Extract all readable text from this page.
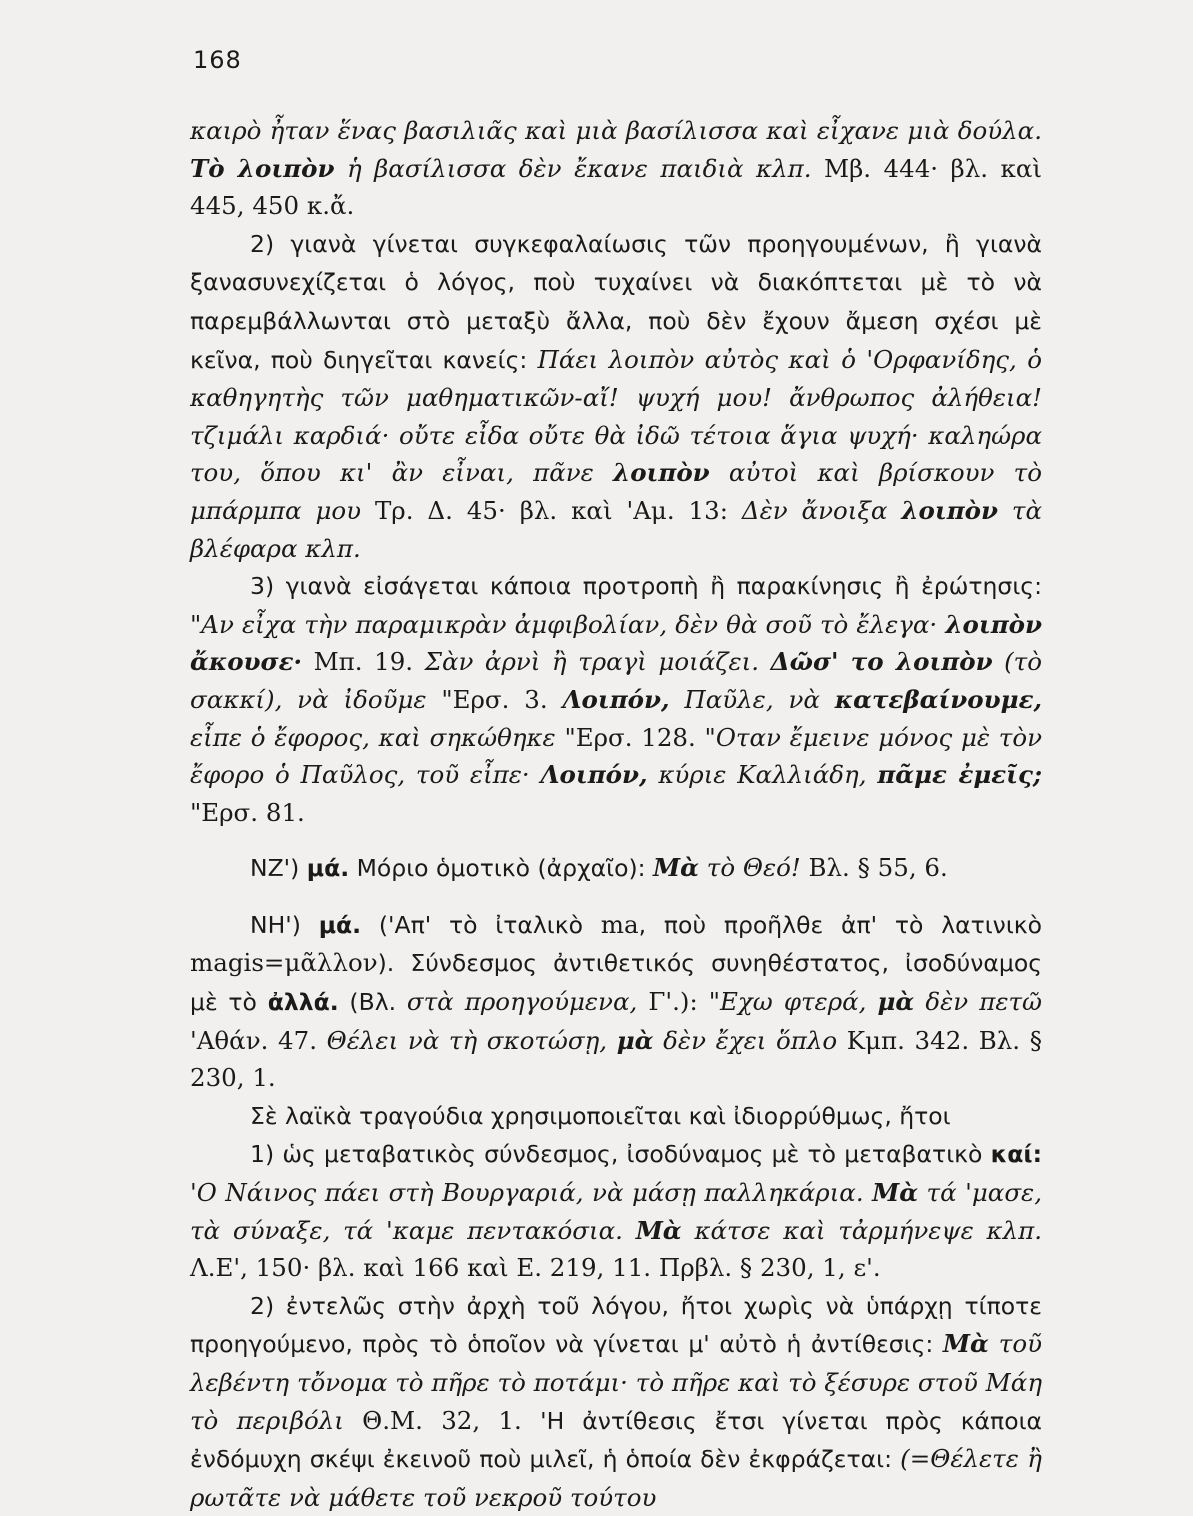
168

καιρὸ ἦταν ἕνας βασιλιᾶς καὶ μιὰ βασίλισσα καὶ εἶχανε μιὰ δούλα. Τὸ λοιπὸν ἡ βασίλισσα δὲν ἔκανε παιδιὰ κλπ. Μβ. 444· βλ. καὶ 445, 450 κ.ἄ.

2) γιανὰ γίνεται συγκεφαλαίωσις τῶν προηγουμένων, ἢ γιανὰ ξανασυνεχίζεται ὁ λόγος, ποὺ τυχαίνει νὰ διακόπτεται μὲ τὸ νὰ παρεμβάλλωνται στὸ μεταξὺ ἄλλα, ποὺ δὲν ἔχουν ἄμεση σχέσι μὲ κεῖνα, ποὺ διηγεῖται κανείς: Πάει λοιπὸν αὐτὸς καὶ ὁ 'Ορφανίδης, ὁ καθηγητὴς τῶν μαθηματικῶν-αἴ! ψυχή μου! ἄνθρωπος ἀλήθεια! τζιμάλι καρδιά· οὔτε εἶδα οὔτε θὰ ἰδῶ τέτοια ἅγια ψυχή· καληώρα του, ὅπου κι' ἂν εἶναι, πᾶνε λοιπὸν αὐτοὶ καὶ βρίσκουν τὸ μπάρμπα μου Τρ. Δ. 45· βλ. καὶ 'Αμ. 13: Δὲν ἄνοιξα λοιπὸν τὰ βλέφαρα κλπ.

3) γιανὰ εἰσάγεται κάποια προτροπὴ ἢ παρακίνησις ἢ ἐρώτησις: "Αν εἶχα τὴν παραμικρὰν ἀμφιβολίαν, δὲν θὰ σοῦ τὸ ἔλεγα· λοιπὸν ἄκουσε· Μπ. 19. Σὰν ἀρνὶ ἢ τραγὶ μοιάζει. Δῶσ' το λοιπὸν (τὸ σακκί), νὰ ἰδοῦμε "Ερσ. 3. Λοιπόν, Παῦλε, νὰ κατεβαίνουμε, εἶπε ὁ ἔφορος, καὶ σηκώθηκε "Ερσ. 128. "Οταν ἔμεινε μόνος μὲ τὸν ἔφορο ὁ Παῦλος, τοῦ εἶπε· Λοιπόν, κύριε Καλλιάδη, πᾶμε ἐμεῖς; "Ερσ. 81.

ΝΖ') μά. Μόριο ὁμοτικὸ (ἀρχαῖο): Μὰ τὸ Θεό! Βλ. § 55, 6.

ΝΗ') μά. ('Απ' τὸ ἰταλικὸ ma, ποὺ προῆλθε ἀπ' τὸ λατινικὸ magis=μᾶλλον). Σύνδεσμος ἀντιθετικός συνηθέστατος, ἰσοδύναμος μὲ τὸ ἀλλά. (Βλ. στὰ προηγούμενα, Γ'.): "Εχω φτερά, μὰ δὲν πετῶ 'Αθάν. 47. Θέλει νὰ τὴ σκοτώσῃ, μὰ δὲν ἔχει ὅπλο Κμπ. 342. Βλ. § 230, 1.

Σὲ λαϊκὰ τραγούδια χρησιμοποιεῖται καὶ ἰδιορρύθμως, ἤτοι

1) ὡς μεταβατικὸς σύνδεσμος, ἰσοδύναμος μὲ τὸ μεταβατικὸ καί: 'Ο Νάινος πάει στὴ Βουργαριά, νὰ μάσῃ παλληκάρια. Μὰ τά 'μασε, τὰ σύναξε, τά 'καμε πεντακόσια. Μὰ κάτσε καὶ τἀρμήνεψε κλπ. Λ.Ε', 150· βλ. καὶ 166 καὶ Ε. 219, 11. Πρβλ. § 230, 1, ε'.

2) ἐντελῶς στὴν ἀρχὴ τοῦ λόγου, ἤτοι χωρὶς νὰ ὑπάρχῃ τίποτε προηγούμενο, πρὸς τὸ ὁποῖον νὰ γίνεται μ' αὐτὸ ἡ ἀντίθεσις: Μὰ τοῦ λεβέντη τὄνομα τὸ πῆρε τὸ ποτάμι· τὸ πῆρε καὶ τὸ ξέσυρε στοῦ Μάη τὸ περιβόλι Θ.Μ. 32, 1. 'Η ἀντίθεσις ἔτσι γίνεται πρὸς κάποια ἐνδόμυχη σκέψι ἐκεινοῦ ποὺ μιλεῖ, ἡ ὁποία δὲν ἐκφράζεται: (=Θέλετε ἢ ρωτᾶτε νὰ μάθετε τοῦ νεκροῦ τούτου
